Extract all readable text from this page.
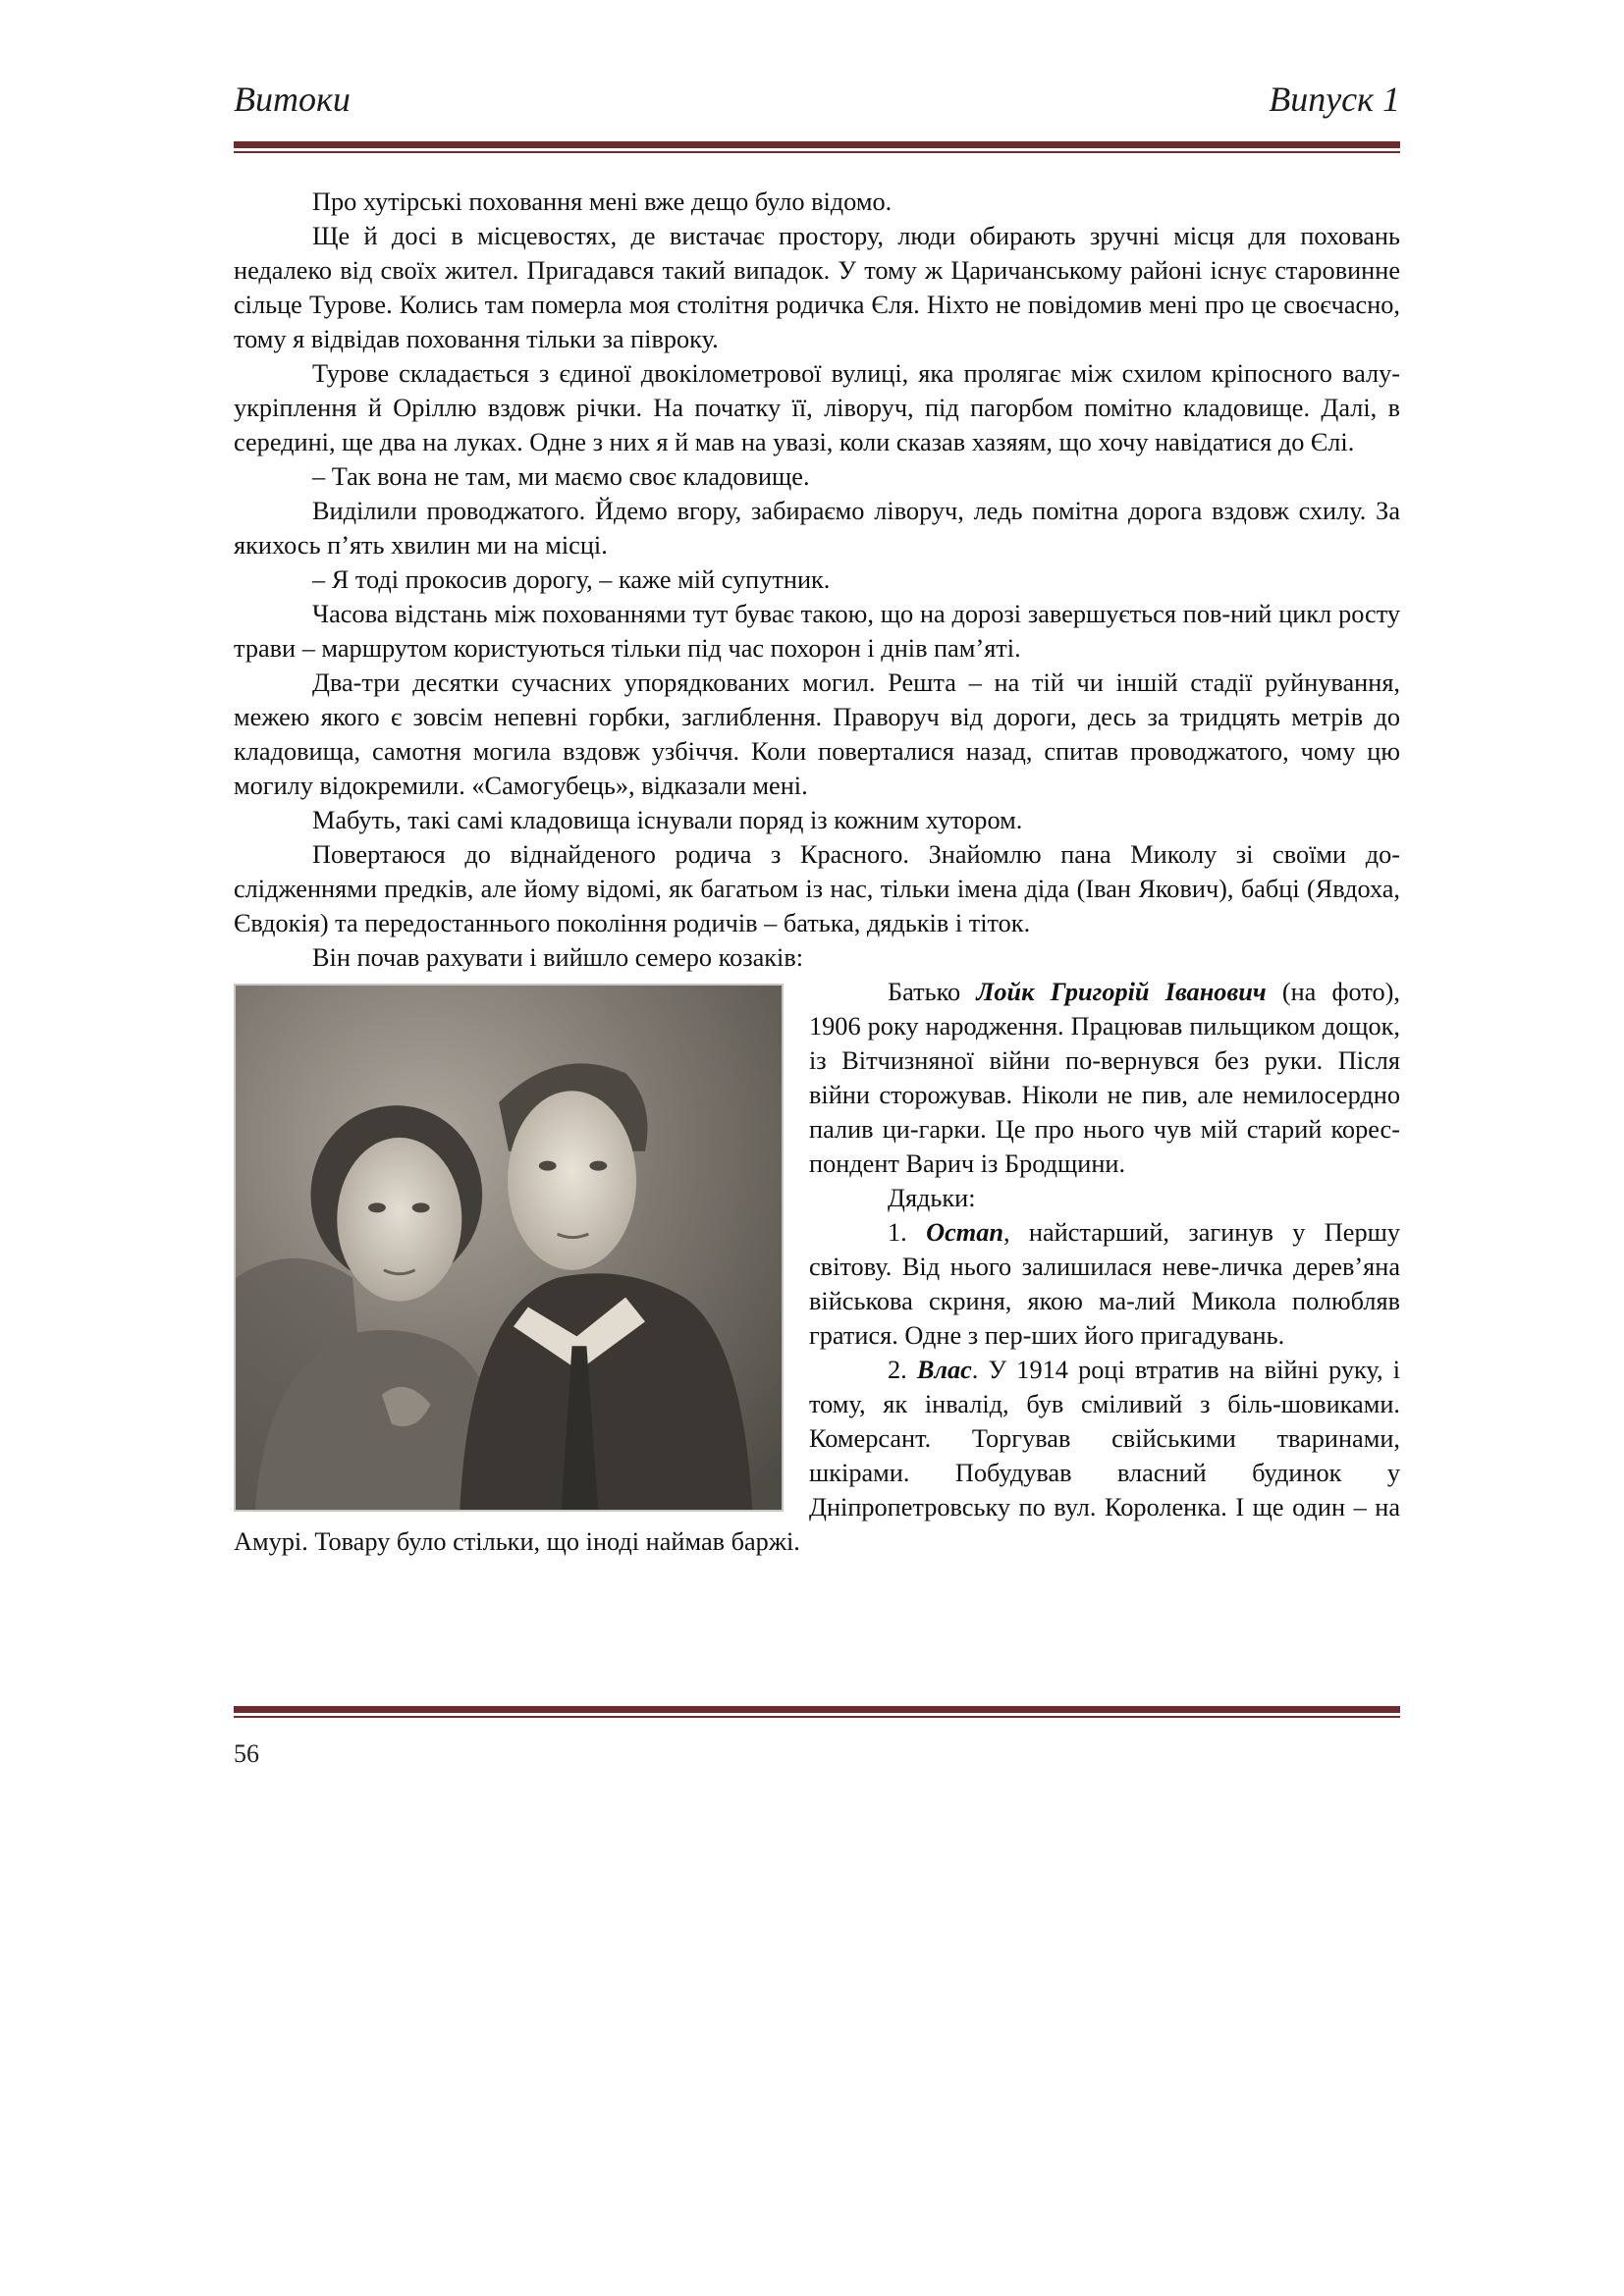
Витоки	Випуск 1

Про хутірські поховання мені вже дещо було відомо.

Ще й досі в місцевостях, де вистачає простору, люди обирають зручні місця для поховань недалеко від своїх жител. Пригадався такий випадок. У тому ж Царичанському районі існує старовинне сільце Турове. Колись там померла моя столітня родичка Єля. Ніхто не повідомив мені про це своєчасно, тому я відвідав поховання тільки за півроку.

Турове складається з єдиної двокілометрової вулиці, яка пролягає між схилом кріпосного валу-укріплення й Оріллю вздовж річки. На початку її, ліворуч, під пагорбом помітно кладовище. Далі, в середині, ще два на луках. Одне з них я й мав на увазі, коли сказав хазяям, що хочу навідатися до Єлі.

– Так вона не там, ми маємо своє кладовище.

Виділили проводжатого. Йдемо вгору, забираємо ліворуч, ледь помітна дорога вздовж схилу. За якихось п’ять хвилин ми на місці.

– Я тоді прокосив дорогу, – каже мій супутник.

Часова відстань між похованнями тут буває такою, що на дорозі завершується пов-ний цикл росту трави – маршрутом користуються тільки під час похорон і днів пам’яті.

Два-три десятки сучасних упорядкованих могил. Решта – на тій чи іншій стадії руйнування, межею якого є зовсім непевні горбки, заглиблення. Праворуч від дороги, десь за тридцять метрів до кладовища, самотня могила вздовж узбіччя. Коли поверталися назад, спитав проводжатого, чому цю могилу відокремили. «Самогубець», відказали мені.

Мабуть, такі самі кладовища існували поряд із кожним хутором.

Повертаюся до віднайденого родича з Красного. Знайомлю пана Миколу зі своїми до-слідженнями предків, але йому відомі, як багатьом із нас, тільки імена діда (Іван Якович), бабці (Явдоха, Євдокія) та передостаннього покоління родичів – батька, дядьків і тіток.

Він почав рахувати і вийшло семеро козаків:

Батько Лойк Григорій Іванович (на фото), 1906 року народження. Працював пильщиком дощок, із Вітчизняної війни по-вернувся без руки. Після війни сторожував. Ніколи не пив, але немилосердно палив ци-гарки. Це про нього чув мій старий корес-пондент Варич із Бродщини.

Дядьки:

1. Остап, найстарший, загинув у Першу світову. Від нього залишилася неве-личка дерев’яна військова скриня, якою ма-лий Микола полюбляв гратися. Одне з пер-ших його пригадувань.

2. Влас. У 1914 році втратив на війні руку, і тому, як інвалід, був сміливий з біль-шовиками. Комерсант. Торгував свійськими тваринами, шкірами. Побудував власний будинок у Дніпропетровську по вул. Короленка. І ще один – на Амурі. Товару було стільки, що іноді наймав баржі.

56
